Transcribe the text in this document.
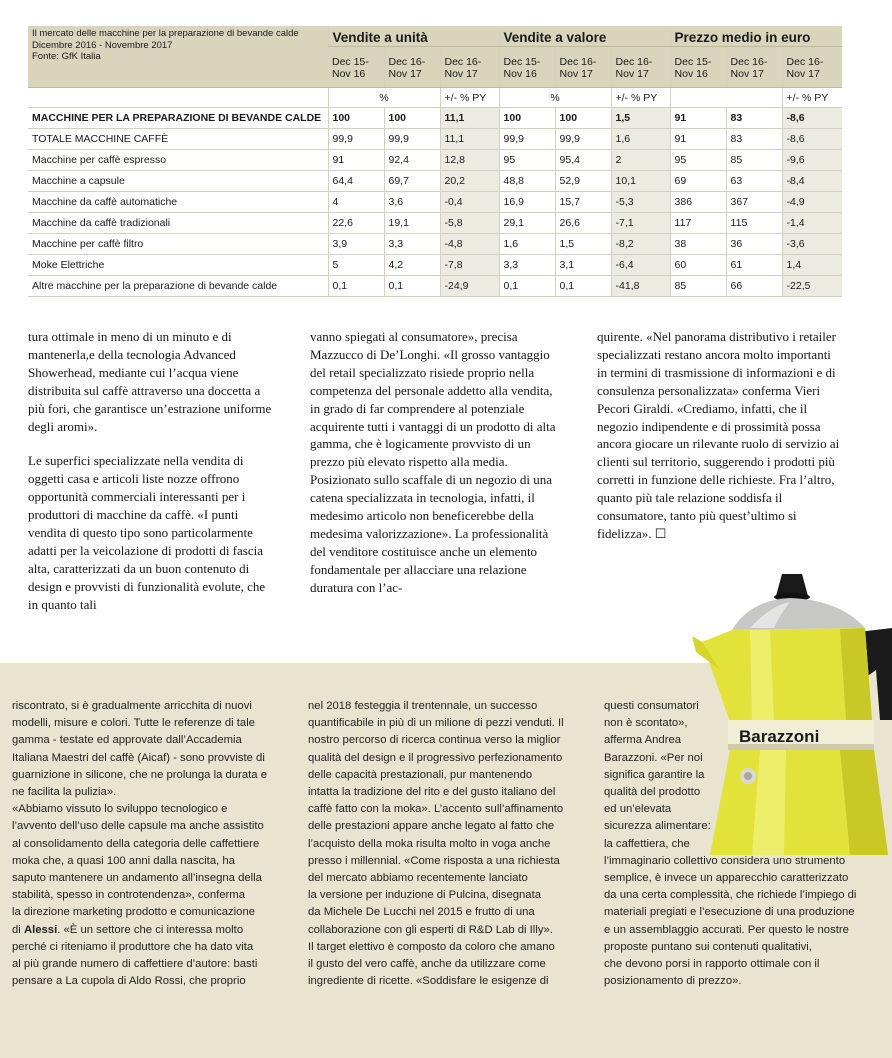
Il mercato delle macchine per la preparazione di bevande calde
Dicembre 2016 - Novembre 2017
Fonte: GfK Italia	Vendite a unità			Vendite a valore			Prezzo medio in euro		
	Dec 15- Nov 16	Dec 16- Nov 17	Dec 16- Nov 17	Dec 15- Nov 16	Dec 16- Nov 17	Dec 16- Nov 17	Dec 15- Nov 16	Dec 16- Nov 17	Dec 16- Nov 17
	%		+/- % PY	%		+/- % PY			+/- % PY
MACCHINE PER LA PREPARAZIONE DI BEVANDE CALDE	100	100	11,1	100	100	1,5	91	83	-8,6
TOTALE MACCHINE CAFFÈ	99,9	99,9	11,1	99,9	99,9	1,6	91	83	-8,6
Macchine per caffè espresso	91	92,4	12,8	95	95,4	2	95	85	-9,6
Macchine a capsule	64,4	69,7	20,2	48,8	52,9	10,1	69	63	-8,4
Macchine da caffè automatiche	4	3,6	-0,4	16,9	15,7	-5,3	386	367	-4,9
Macchine da caffè tradizionali	22,6	19,1	-5,8	29,1	26,6	-7,1	117	115	-1,4
Macchine per caffè filtro	3,9	3,3	-4,8	1,6	1,5	-8,2	38	36	-3,6
Moke Elettriche	5	4,2	-7,8	3,3	3,1	-6,4	60	61	1,4
Altre macchine per la preparazione di bevande calde	0,1	0,1	-24,9	0,1	0,1	-41,8	85	66	-22,5

tura ottimale in meno di un minuto e di mantenerla,e della tecnologia Advanced Showerhead, mediante cui l’acqua viene distribuita sul caffè attraverso una doccetta a più fori, che garantisce un’estrazione uniforme degli aromi».

Le superfici specializzate nella vendita di oggetti casa e articoli liste nozze offrono opportunità commerciali interessanti per i produttori di macchine da caffè. «I punti vendita di questo tipo sono particolarmente adatti per la veicolazione di prodotti di fascia alta, caratterizzati da un buon contenuto di design e provvisti di funzionalità evolute, che in quanto tali

vanno spiegati al consumatore», precisa Mazzucco di De’Longhi. «Il grosso vantaggio del retail specializzato risiede proprio nella competenza del personale addetto alla vendita, in grado di far comprendere al potenziale acquirente tutti i vantaggi di un prodotto di alta gamma, che è logicamente provvisto di un prezzo più elevato rispetto alla media. Posizionato sullo scaffale di un negozio di una catena specializzata in tecnologia, infatti, il medesimo articolo non beneficerebbe della medesima valorizzazione». La professionalità del venditore costituisce anche un elemento fondamentale per allacciare una relazione duratura con l’ac-

quirente. «Nel panorama distributivo i retailer specializzati restano ancora molto importanti in termini di trasmissione di informazioni e di consulenza personalizzata» conferma Vieri Pecori Giraldi. «Crediamo, infatti, che il negozio indipendente e di prossimità possa ancora giocare un rilevante ruolo di servizio ai clienti sul territorio, suggerendo i prodotti più corretti in funzione delle richieste. Fra l’altro, quanto più tale relazione soddisfa il consumatore, tanto più quest’ultimo si fidelizza». ☐

riscontrato, si è gradualmente arricchita di nuovi
modelli, misure e colori. Tutte le referenze di tale
gamma - testate ed approvate dall’Accademia
Italiana Maestri del caffè (Aicaf) - sono provviste di
guarnizione in silicone, che ne prolunga la durata e
ne facilita la pulizia».
«Abbiamo vissuto lo sviluppo tecnologico e
l’avvento dell’uso delle capsule ma anche assistito
al consolidamento della categoria delle caffettiere
moka che, a quasi 100 anni dalla nascita, ha
saputo mantenere un andamento all’insegna della
stabilità, spesso in controtendenza», conferma
la direzione marketing prodotto e comunicazione
di Alessi. «È un settore che ci interessa molto
perché ci riteniamo il produttore che ha dato vita
al più grande numero di caffettiere d’autore: basti
pensare a La cupola di Aldo Rossi, che proprio
nel 2018 festeggia il trentennale, un successo
quantificabile in più di un milione di pezzi venduti. Il
nostro percorso di ricerca continua verso la miglior
qualità del design e il progressivo perfezionamento
delle capacità prestazionali, pur mantenendo
intatta la tradizione del rito e del gusto italiano del
caffè fatto con la moka». L’accento sull’affinamento
delle prestazioni appare anche legato al fatto che
l’acquisto della moka risulta molto in voga anche
presso i millennial. «Come risposta a una richiesta
del mercato abbiamo recentemente lanciato
la versione per induzione di Pulcina, disegnata
da Michele De Lucchi nel 2015 e frutto di una
collaborazione con gli esperti di R&D Lab di Illy».
Il target elettivo è composto da coloro che amano
il gusto del vero caffè, anche da utilizzare come
ingrediente di ricette. «Soddisfare le esigenze di
questi consumatori
non è scontato»,
afferma Andrea
Barazzoni. «Per noi
significa garantire la
qualità del prodotto
ed un’elevata
sicurezza alimentare:
la caffettiera, che
l’immaginario collettivo considera uno strumento
semplice, è invece un apparecchio caratterizzato
da una certa complessità, che richiede l’impiego di
materiali pregiati e l’esecuzione di una produzione
e un assemblaggio accurati. Per questo le nostre
proposte puntano sui contenuti qualitativi,
che devono porsi in rapporto ottimale con il
posizionamento di prezzo».
Barazzoni
